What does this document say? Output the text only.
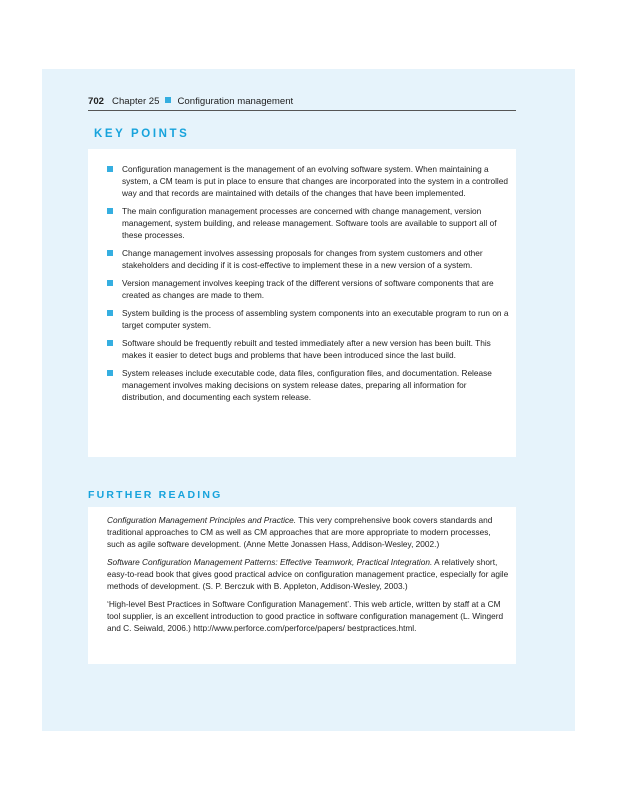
702 Chapter 25 Configuration management
KEY POINTS
Configuration management is the management of an evolving software system. When maintaining a system, a CM team is put in place to ensure that changes are incorporated into the system in a controlled way and that records are maintained with details of the changes that have been implemented.
The main configuration management processes are concerned with change management, version management, system building, and release management. Software tools are available to support all of these processes.
Change management involves assessing proposals for changes from system customers and other stakeholders and deciding if it is cost-effective to implement these in a new version of a system.
Version management involves keeping track of the different versions of software components that are created as changes are made to them.
System building is the process of assembling system components into an executable program to run on a target computer system.
Software should be frequently rebuilt and tested immediately after a new version has been built. This makes it easier to detect bugs and problems that have been introduced since the last build.
System releases include executable code, data files, configuration files, and documentation. Release management involves making decisions on system release dates, preparing all information for distribution, and documenting each system release.
FURTHER READING

Configuration Management Principles and Practice. This very comprehensive book covers standards and traditional approaches to CM as well as CM approaches that are more appropriate to modern processes, such as agile software development. (Anne Mette Jonassen Hass, Addison-Wesley, 2002.)

Software Configuration Management Patterns: Effective Teamwork, Practical Integration. A relatively short, easy-to-read book that gives good practical advice on configuration management practice, especially for agile methods of development. (S. P. Berczuk with B. Appleton, Addison-Wesley, 2003.)

‘High-level Best Practices in Software Configuration Management’. This web article, written by staff at a CM tool supplier, is an excellent introduction to good practice in software configuration management (L. Wingerd and C. Seiwald, 2006.) http://www.perforce.com/perforce/papers/ bestpractices.html.
